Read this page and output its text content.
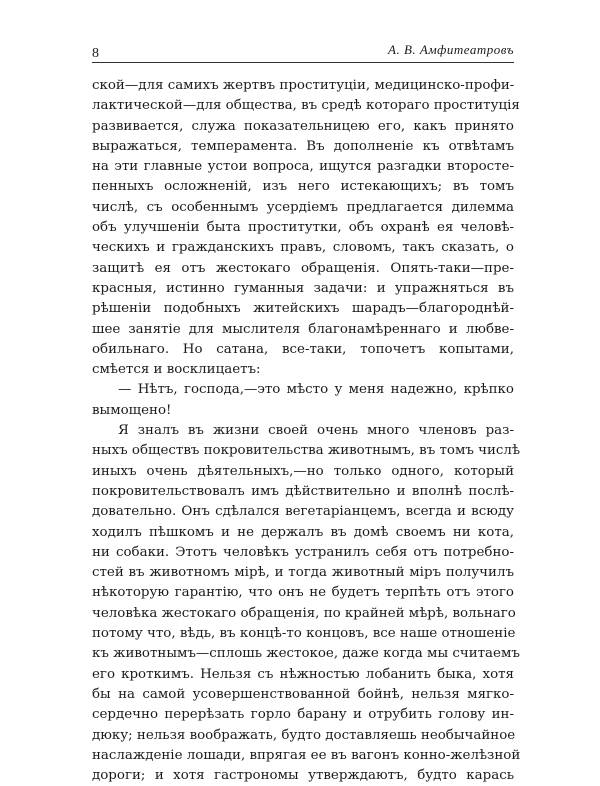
8	А. В. Амфитеатровъ
ской—для самихъ жертвъ проституціи, медицинско-профи-
лактической—для общества, въ средѣ котораго проституція
развивается, служа показательницею его, какъ принято
выражаться, темперамента. Въ дополненіе къ отвѣтамъ
на эти главные устои вопроса, ищутся разгадки второсте-
пенныхъ осложненій, изъ него истекающихъ; въ томъ
числѣ, съ особеннымъ усердіемъ предлагается дилемма
объ улучшеніи быта проститутки, объ охранѣ ея человѣ-
ческихъ и гражданскихъ правъ, словомъ, такъ сказать, о
защитѣ ея отъ жестокаго обращенія. Опять-таки—пре-
красныя, истинно гуманныя задачи: и упражняться въ
рѣшеніи подобныхъ житейскихъ шарадъ—благороднѣй-
шее занятіе для мыслителя благонамѣреннаго и любве-
обильнаго. Но сатана, все-таки, топочетъ копытами,
смѣется и восклицаетъ:
— Нѣтъ, господа,—это мѣсто у меня надежно, крѣпко
вымощено!
Я зналъ въ жизни своей очень много членовъ раз-
ныхъ обществъ покровительства животнымъ, въ томъ числѣ
иныхъ очень дѣятельныхъ,—но только одного, который
покровительствовалъ имъ дѣйствительно и вполнѣ послѣ-
довательно. Онъ сдѣлался вегетаріанцемъ, всегда и всюду
ходилъ пѣшкомъ и не держалъ въ домѣ своемъ ни кота,
ни собаки. Этотъ человѣкъ устранилъ себя отъ потребно-
стей въ животномъ мірѣ, и тогда животный міръ получилъ
нѣкоторую гарантію, что онъ не будетъ терпѣть отъ этого
человѣка жестокаго обращенія, по крайней мѣрѣ, вольнаго
потому что, вѣдь, въ концѣ-то концовъ, все наше отношеніе
къ животнымъ—сплошь жестокое, даже когда мы считаемъ
его кроткимъ. Нельзя съ нѣжностью лобанить быка, хотя
бы на самой усовершенствованной бойнѣ, нельзя мягко-
сердечно перерѣзать горло барану и отрубить голову ин-
дюку; нельзя воображать, будто доставляешь необычайное
наслажденіе лошади, впрягая ее въ вагонъ конно-желѣзной
дороги; и хотя гастрономы утверждаютъ, будто карась
